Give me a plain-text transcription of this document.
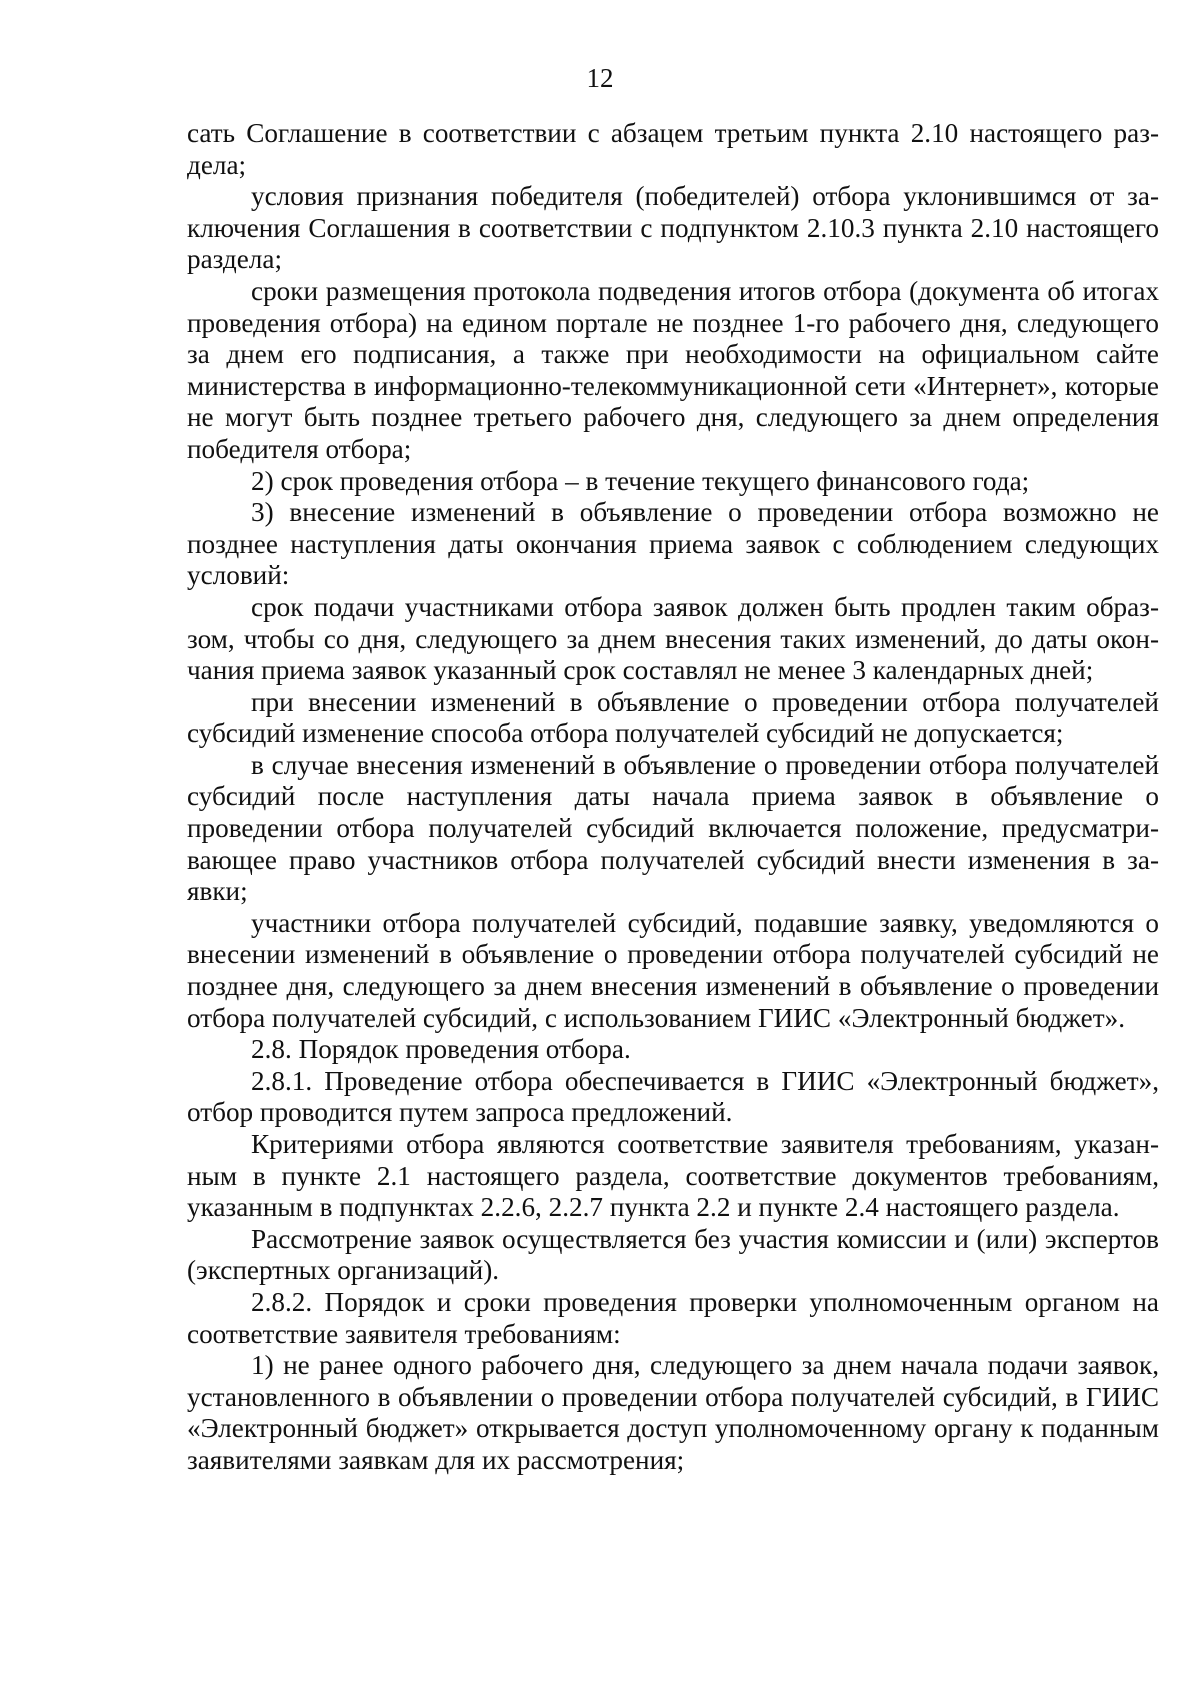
12

сать Соглашение в соответствии с абзацем третьим пункта 2.10 настоящего раздела;

условия признания победителя (победителей) отбора уклонившимся от заключения Соглашения в соответствии с подпунктом 2.10.3 пункта 2.10 настоящего раздела;

сроки размещения протокола подведения итогов отбора (документа об итогах проведения отбора) на едином портале не позднее 1-го рабочего дня, следующего за днем его подписания, а также при необходимости на официальном сайте министерства в информационно-телекоммуникационной сети «Интернет», которые не могут быть позднее третьего рабочего дня, следующего за днем определения победителя отбора;

2) срок проведения отбора – в течение текущего финансового года;

3) внесение изменений в объявление о проведении отбора возможно не позднее наступления даты окончания приема заявок с соблюдением следующих условий:

срок подачи участниками отбора заявок должен быть продлен таким образзом, чтобы со дня, следующего за днем внесения таких изменений, до даты окончания приема заявок указанный срок составлял не менее 3 календарных дней;

при внесении изменений в объявление о проведении отбора получателей субсидий изменение способа отбора получателей субсидий не допускается;

в случае внесения изменений в объявление о проведении отбора получателей субсидий после наступления даты начала приема заявок в объявление о проведении отбора получателей субсидий включается положение, предусматривающее право участников отбора получателей субсидий внести изменения в заявки;

участники отбора получателей субсидий, подавшие заявку, уведомляются о внесении изменений в объявление о проведении отбора получателей субсидий не позднее дня, следующего за днем внесения изменений в объявление о проведении отбора получателей субсидий, с использованием ГИИС «Электронный бюджет».

2.8. Порядок проведения отбора.

2.8.1. Проведение отбора обеспечивается в ГИИС «Электронный бюджет», отбор проводится путем запроса предложений.

Критериями отбора являются соответствие заявителя требованиям, указанным в пункте 2.1 настоящего раздела, соответствие документов требованиям, указанным в подпунктах 2.2.6, 2.2.7 пункта 2.2 и пункте 2.4 настоящего раздела.

Рассмотрение заявок осуществляется без участия комиссии и (или) экспертов (экспертных организаций).

2.8.2. Порядок и сроки проведения проверки уполномоченным органом на соответствие заявителя требованиям:

1) не ранее одного рабочего дня, следующего за днем начала подачи заявок, установленного в объявлении о проведении отбора получателей субсидий, в ГИИС «Электронный бюджет» открывается доступ уполномоченному органу к поданным заявителями заявкам для их рассмотрения;
